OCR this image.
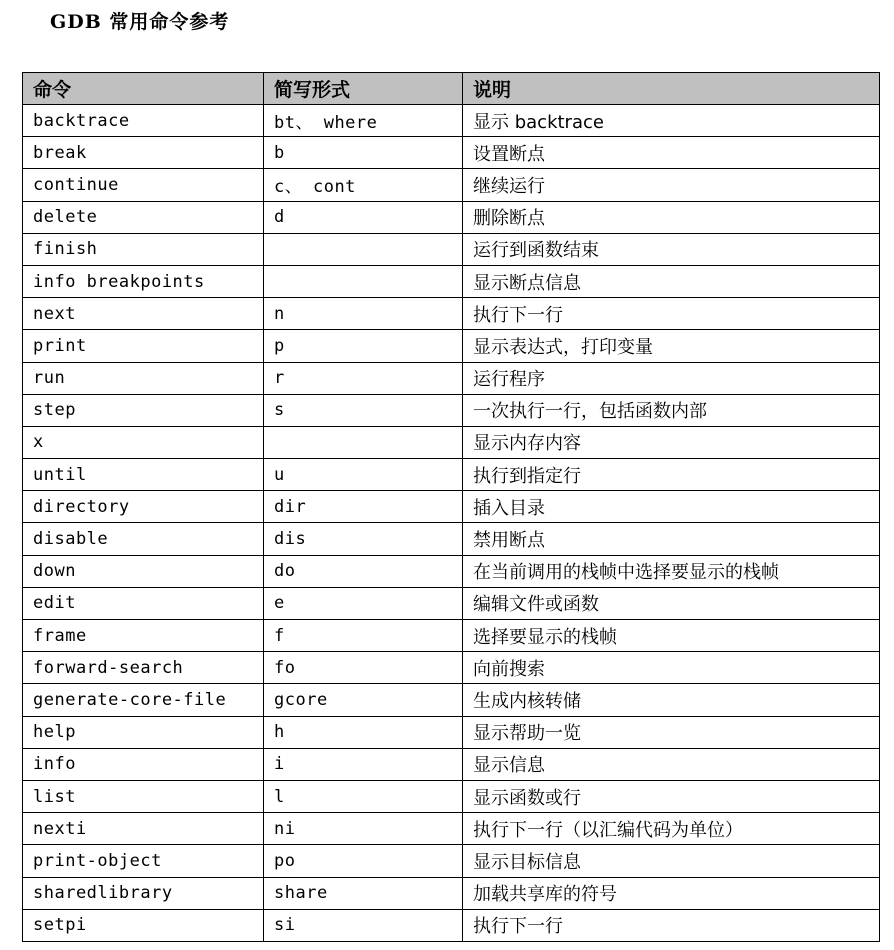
GDB 常用命令参考
命令	简写形式	说明
backtrace	bt、 where	显示 backtrace
break	b	设置断点
continue	c、 cont	继续运行
delete	d	删除断点
finish		运行到函数结束
info breakpoints		显示断点信息
next	n	执行下一行
print	p	显示表达式，打印变量
run	r	运行程序
step	s	一次执行一行，包括函数内部
x		显示内存内容
until	u	执行到指定行
directory	dir	插入目录
disable	dis	禁用断点
down	do	在当前调用的栈帧中选择要显示的栈帧
edit	e	编辑文件或函数
frame	f	选择要显示的栈帧
forward-search	fo	向前搜索
generate-core-file	gcore	生成内核转储
help	h	显示帮助一览
info	i	显示信息
list	l	显示函数或行
nexti	ni	执行下一行（以汇编代码为单位）
print-object	po	显示目标信息
sharedlibrary	share	加载共享库的符号
setpi	si	执行下一行
